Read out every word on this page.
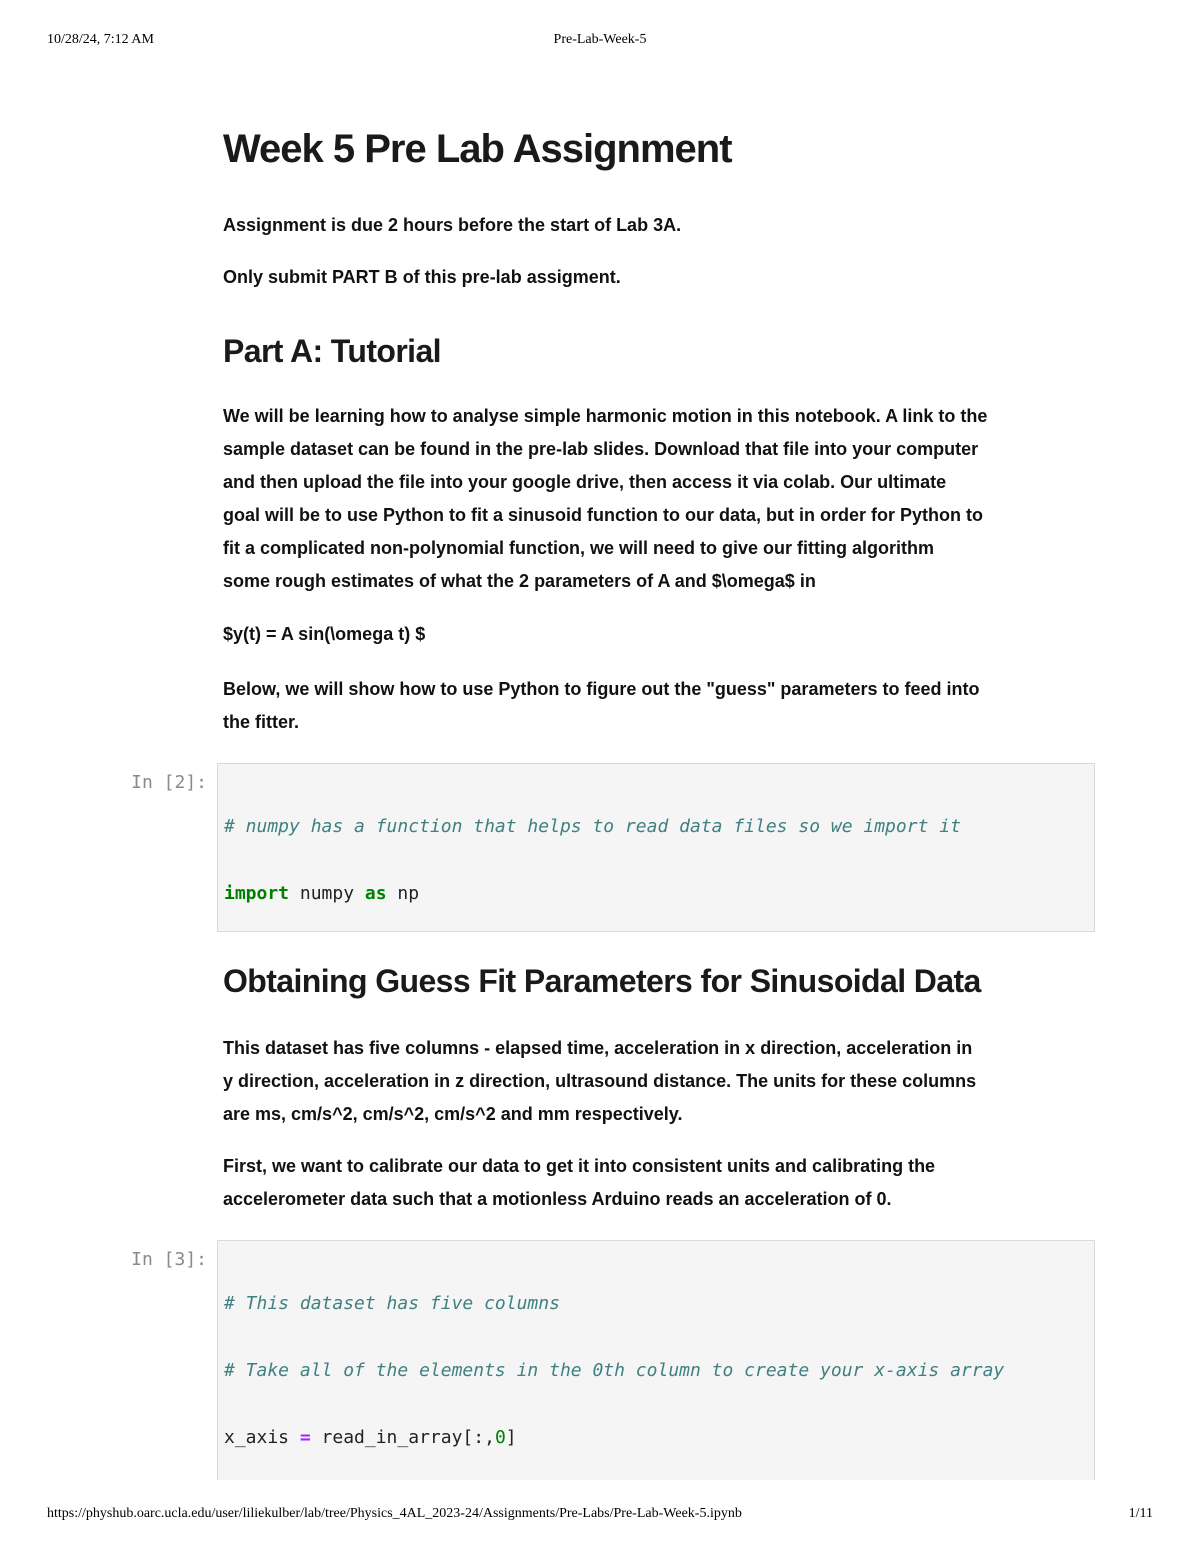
10/28/24, 7:12 AM	Pre-Lab-Week-5
Week 5 Pre Lab Assignment

Assignment is due 2 hours before the start of Lab 3A.

Only submit PART B of this pre-lab assigment.

Part A: Tutorial

We will be learning how to analyse simple harmonic motion in this notebook. A link to the

sample dataset can be found in the pre-lab slides. Download that file into your computer

and then upload the file into your google drive, then access it via colab. Our ultimate

goal will be to use Python to fit a sinusoid function to our data, but in order for Python to

fit a complicated non-polynomial function, we will need to give our fitting algorithm

some rough estimates of what the 2 parameters of A and $\omega$ in

$y(t) = A sin(\omega t) $

Below, we will show how to use Python to figure out the "guess" parameters to feed into

the fitter.

In [2]:

# numpy has a function that helps to read data files so we import it

import numpy as np

Obtaining Guess Fit Parameters for Sinusoidal Data

This dataset has five columns - elapsed time, acceleration in x direction, acceleration in

y direction, acceleration in z direction, ultrasound distance. The units for these columns

are ms, cm/s^2, cm/s^2, cm/s^2 and mm respectively.

First, we want to calibrate our data to get it into consistent units and calibrating the

accelerometer data such that a motionless Arduino reads an acceleration of 0.

In [3]:

# This dataset has five columns

# Take all of the elements in the 0th column to create your x-axis array

x_axis = read_in_array[:,0]

https://physhub.oarc.ucla.edu/user/liliekulber/lab/tree/Physics_4AL_2023-24/Assignments/Pre-Labs/Pre-Lab-Week-5.ipynb	1/11
